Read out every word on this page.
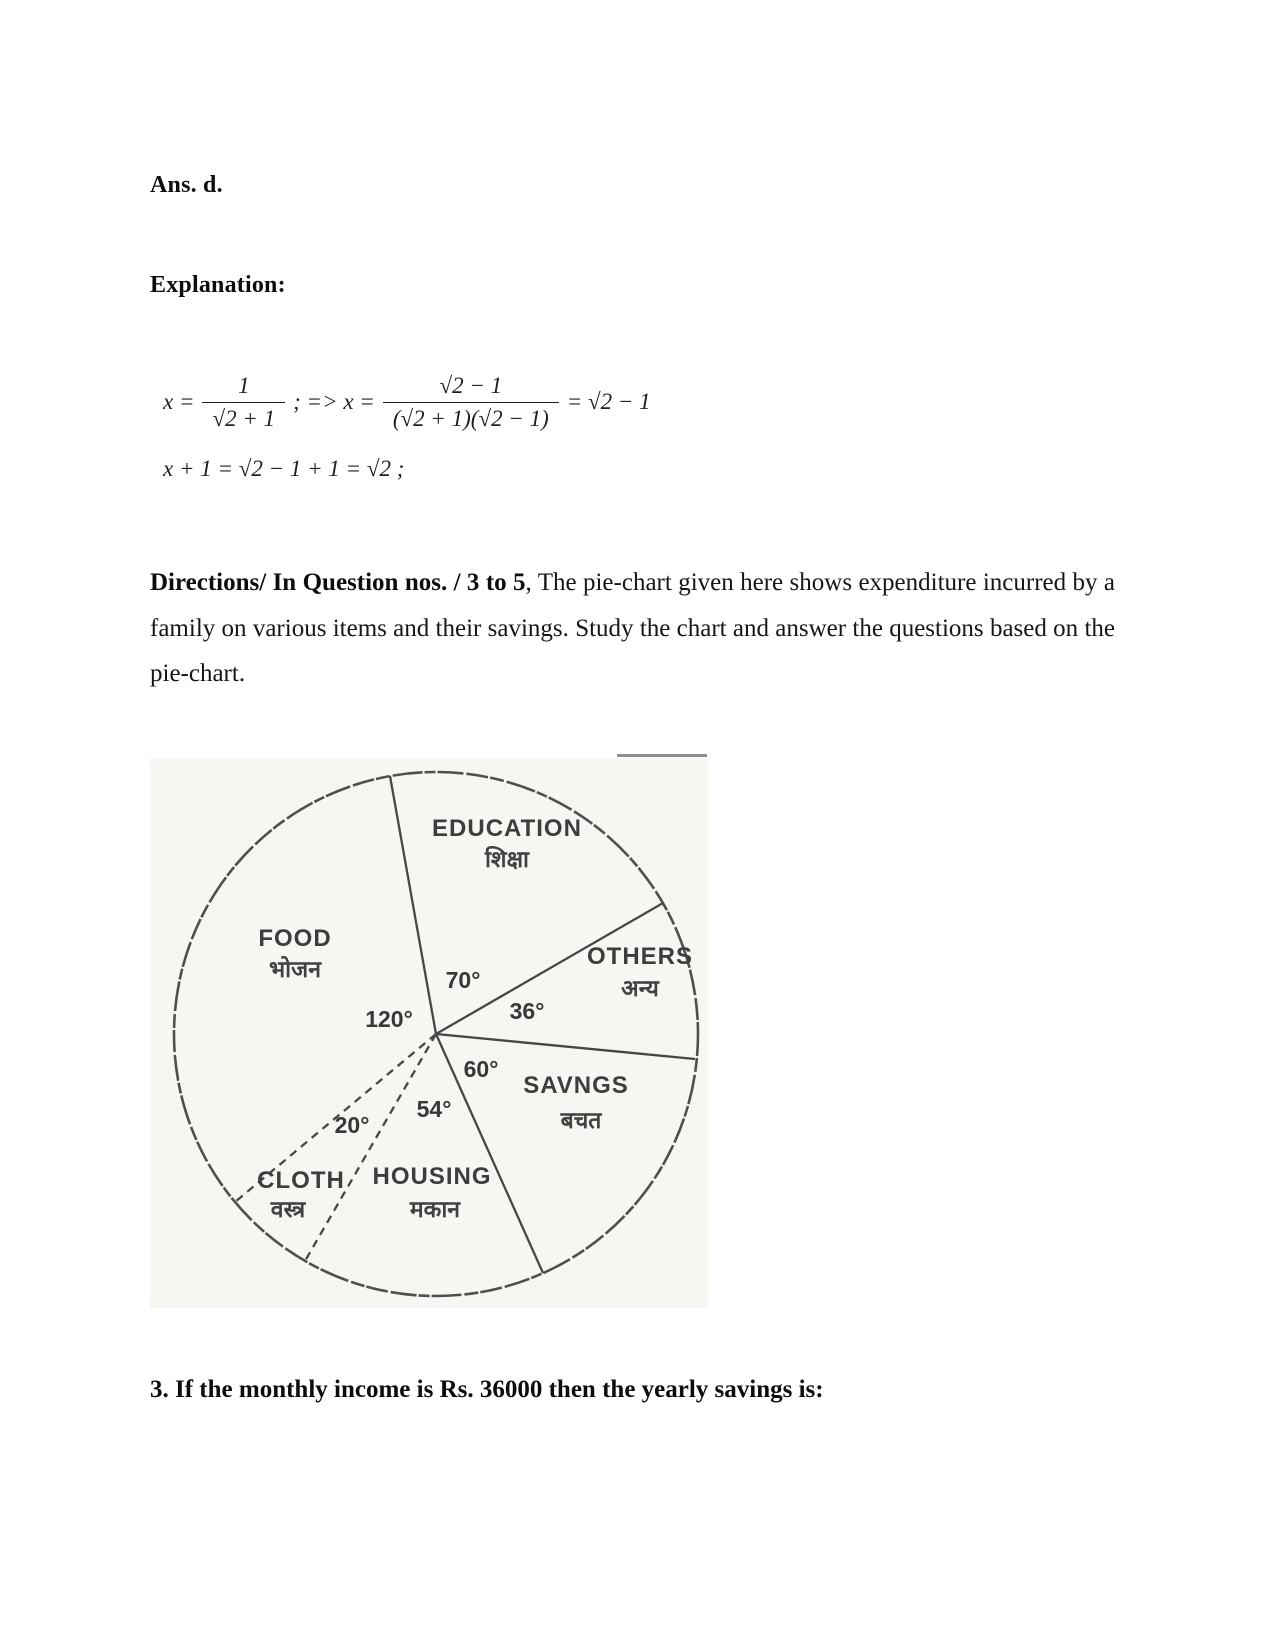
Ans. d.
Explanation:
$x = \frac{1}{√2 + 1}$ ; => $x = \frac{√2 - 1}{(√2 + 1)(√2 - 1)} = √2 - 1$
x + 1 = √2 − 1 + 1 = √2 ;
Directions/ In Question nos. / 3 to 5, The pie-chart given here shows expenditure incurred by a
family on various items and their savings. Study the chart and answer the questions based on the
pie-chart.
FOOD
भोजन
EDUCATION
शिक्षा
OTHERS
अन्य
SAVNGS
बचत
HOUSING
मकान
CLOTH
वस्त्र
120°
70°
36°
60°
54°
20°
3. If the monthly income is Rs. 36000 then the yearly savings is:
